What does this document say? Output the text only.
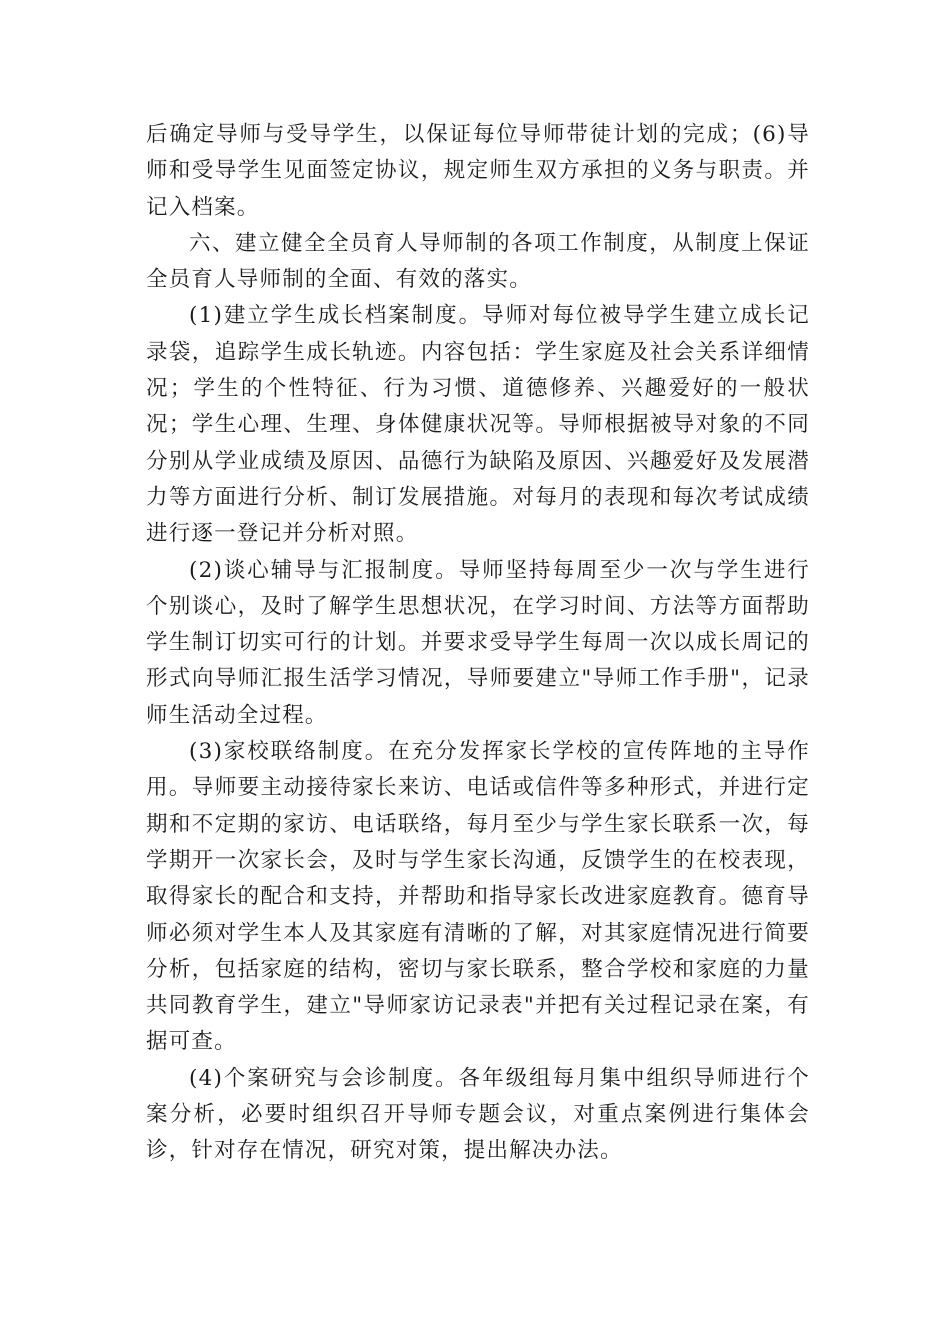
后确定导师与受导学生，以保证每位导师带徒计划的完成；(6)导师和受导学生见面签定协议，规定师生双方承担的义务与职责。并记入档案。

六、建立健全全员育人导师制的各项工作制度，从制度上保证全员育人导师制的全面、有效的落实。

(1)建立学生成长档案制度。导师对每位被导学生建立成长记录袋，追踪学生成长轨迹。内容包括：学生家庭及社会关系详细情况；学生的个性特征、行为习惯、道德修养、兴趣爱好的一般状况；学生心理、生理、身体健康状况等。导师根据被导对象的不同分别从学业成绩及原因、品德行为缺陷及原因、兴趣爱好及发展潜力等方面进行分析、制订发展措施。对每月的表现和每次考试成绩进行逐一登记并分析对照。

(2)谈心辅导与汇报制度。导师坚持每周至少一次与学生进行个别谈心，及时了解学生思想状况，在学习时间、方法等方面帮助学生制订切实可行的计划。并要求受导学生每周一次以成长周记的形式向导师汇报生活学习情况，导师要建立"导师工作手册"，记录师生活动全过程。

(3)家校联络制度。在充分发挥家长学校的宣传阵地的主导作用。导师要主动接待家长来访、电话或信件等多种形式，并进行定期和不定期的家访、电话联络，每月至少与学生家长联系一次，每学期开一次家长会，及时与学生家长沟通，反馈学生的在校表现，取得家长的配合和支持，并帮助和指导家长改进家庭教育。德育导师必须对学生本人及其家庭有清晰的了解，对其家庭情况进行简要分析，包括家庭的结构，密切与家长联系，整合学校和家庭的力量共同教育学生，建立"导师家访记录表"并把有关过程记录在案，有据可查。

(4)个案研究与会诊制度。各年级组每月集中组织导师进行个案分析，必要时组织召开导师专题会议，对重点案例进行集体会诊，针对存在情况，研究对策，提出解决办法。
